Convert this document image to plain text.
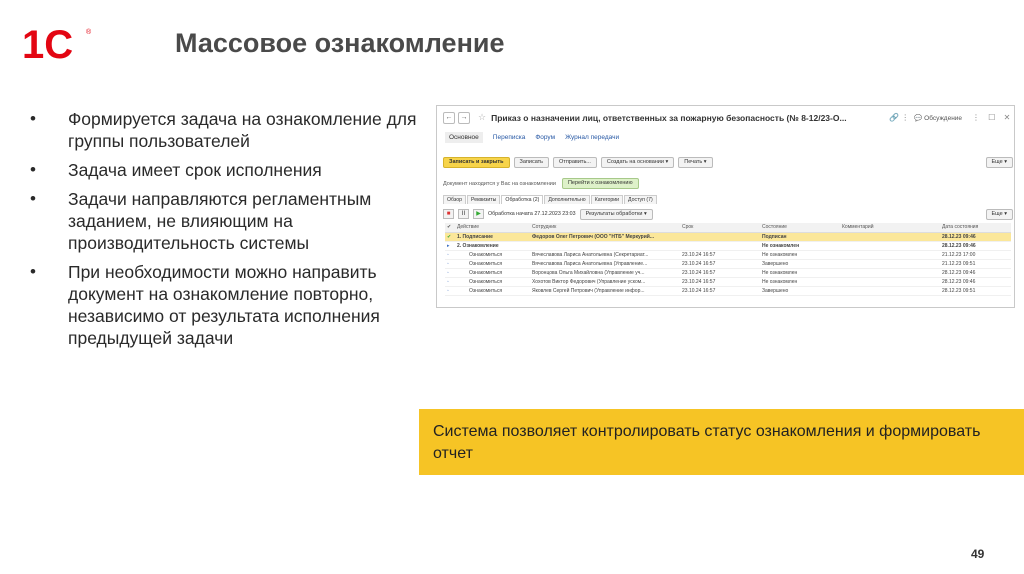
1С ®	Массовое ознакомление
• Формируется задача на ознакомление для группы пользователей
• Задача имеет срок исполнения
• Задачи направляются регламентным заданием, не влияющим на производительность системы
• При необходимости можно направить документ на ознакомление повторно, независимо от результата исполнения предыдущей задачи
←	→ ☆ Приказ о назначении лиц, ответственных за пожарную безопасность (№ 8-12/23-О...	🔗 ⋮ 💬 Обсуждение ⋮ ☐ ✕
Основное	Переписка Форум Журнал передачи
Записать и закрыть	Записать	Отправить...	Создать на основании ▾	Печать ▾	Еще ▾
Документ находится у Вас на ознакомлении	Перейти к ознакомлению
Обзор	Реквизиты	Обработка (2)	Дополнительно	Категории	Доступ (7)
■	II	▶	Обработка начата 27.12.2023 23:03	Результаты обработки ▾	Еще ▾
✔	Действие	Сотрудник	Срок	Состояние	Комментарий	Дата состояния
✔	1. Подписание	Федоров Олег Петрович (ООО "НТБ" Меркурий...		Подписан		28.12.23 09:46
▸	2. Ознакомление			Не ознакомлен		28.12.23 09:46
◦	Ознакомиться	Вячеславова Лариса Анатольевна (Секретариат...	23.10.24 16:57	Не ознакомлен		21.12.23 17:00
◦	Ознакомиться	Вячеславова Лариса Анатольевна (Управление...	23.10.24 16:57	Завершено		21.12.23 09:51
◦	Ознакомиться	Воронцова Ольга Михайловна (Управление уч...	23.10.24 16:57	Не ознакомлен		28.12.23 09:46
◦	Ознакомиться	Хохотов Виктор Федорович (Управление уском...	23.10.24 16:57	Не ознакомлен		28.12.23 09:46
◦	Ознакомиться	Яковлев Сергей Петрович (Управление инфор...	23.10.24 16:57	Завершено		28.12.23 09:51
Система позволяет контролировать статус ознакомления и формировать отчет
49
